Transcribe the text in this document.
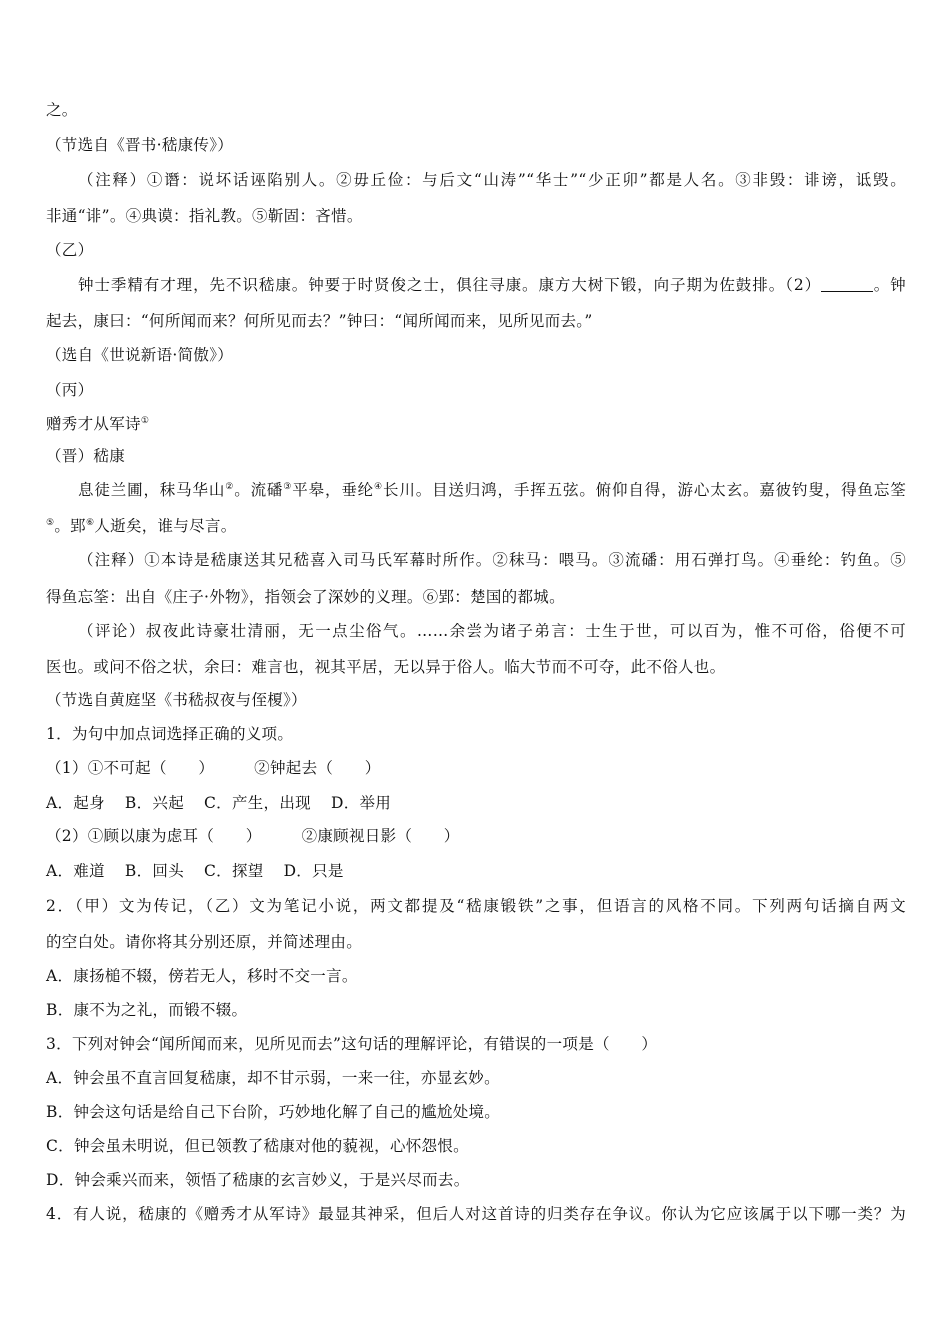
之。
（节选自《晋书·嵇康传》）
（注释）①谮：说坏话诬陷别人。②毋丘俭：与后文“山涛”“华士”“少正卯”都是人名。③非毁：诽谤，诋毁。
非通“诽”。④典谟：指礼教。⑤靳固：吝惜。
（乙）
钟士季精有才理，先不识嵇康。钟要于时贤俊之士，俱往寻康。康方大树下锻，向子期为佐鼓排。（2）	。钟
起去，康曰：“何所闻而来？何所见而去？”钟曰：“闻所闻而来，见所见而去。”
（选自《世说新语·简傲》）
（丙）
赠秀才从军诗①
（晋）嵇康
息徒兰圃，秣马华山②。流磻③平皋，垂纶④长川。目送归鸿，手挥五弦。俯仰自得，游心太玄。嘉彼钓叟，得鱼忘筌
⑤。郢⑥人逝矣，谁与尽言。
（注释）①本诗是嵇康送其兄嵇喜入司马氏军幕时所作。②秣马：喂马。③流磻：用石弹打鸟。④垂纶：钓鱼。⑤
得鱼忘筌：出自《庄子·外物》，指领会了深妙的义理。⑥郢：楚国的都城。
（评论）叔夜此诗豪壮清丽，无一点尘俗气。……余尝为诸子弟言：士生于世，可以百为，惟不可俗，俗便不可
医也。或问不俗之状，余曰：难言也，视其平居，无以异于俗人。临大节而不可夺，此不俗人也。
（节选自黄庭坚《书嵇叔夜与侄榎》）
1．为句中加点词选择正确的义项。
（1）①不可起（　　）	②钟起去（　　）
A．起身 B．兴起 C．产生，出现 D．举用
（2）①顾以康为虑耳（　　）	②康顾视日影（　　）
A．难道 B．回头 C．探望 D．只是
2．（甲）文为传记，（乙）文为笔记小说，两文都提及“嵇康锻铁”之事，但语言的风格不同。下列两句话摘自两文
的空白处。请你将其分别还原，并简述理由。
A．康扬槌不辍，傍若无人，移时不交一言。
B．康不为之礼，而锻不辍。
3．下列对钟会“闻所闻而来，见所见而去”这句话的理解评论，有错误的一项是（　　）
A．钟会虽不直言回复嵇康，却不甘示弱，一来一往，亦显玄妙。
B．钟会这句话是给自己下台阶，巧妙地化解了自己的尴尬处境。
C．钟会虽未明说，但已领教了嵇康对他的藐视，心怀怨恨。
D．钟会乘兴而来，领悟了嵇康的玄言妙义，于是兴尽而去。
4．有人说，嵇康的《赠秀才从军诗》最显其神采，但后人对这首诗的归类存在争议。你认为它应该属于以下哪一类？为
